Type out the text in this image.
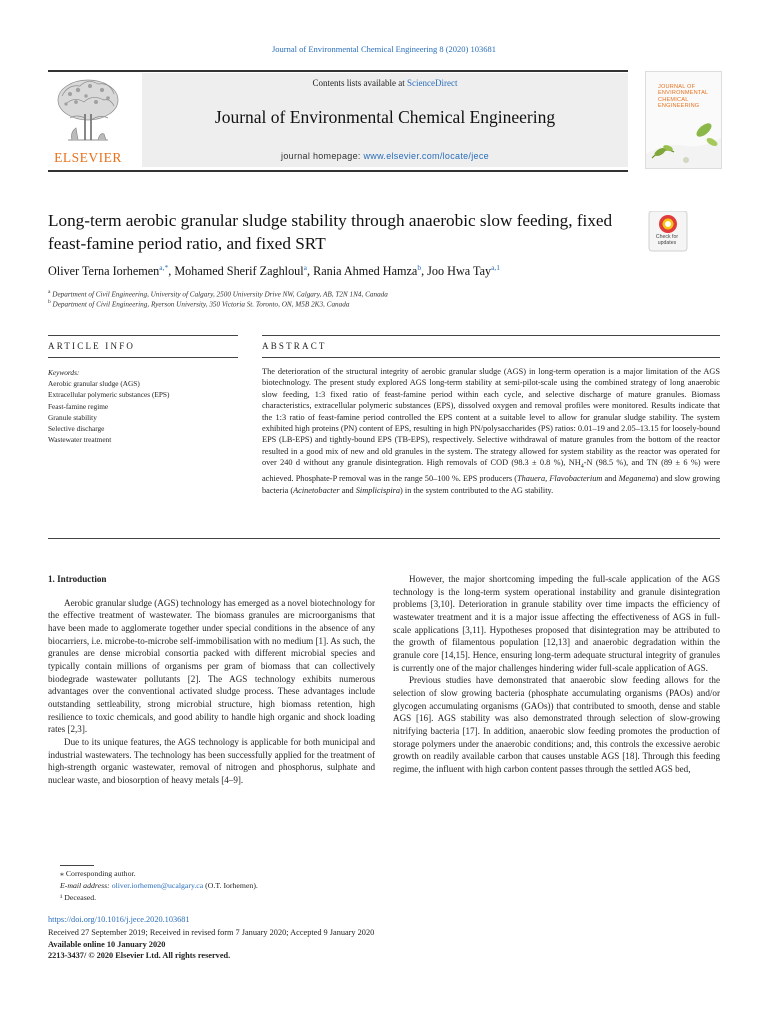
Journal of Environmental Chemical Engineering 8 (2020) 103681
ELSEVIER
Contents lists available at ScienceDirect
Journal of Environmental Chemical Engineering
journal homepage: www.elsevier.com/locate/jece
JOURNAL OF ENVIRONMENTAL CHEMICAL ENGINEERING
Long-term aerobic granular sludge stability through anaerobic slow feeding, fixed feast-famine period ratio, and fixed SRT	Check for updates
Oliver Terna Iorhemen$^{a,*}$, Mohamed Sherif Zaghloul$^a$, Rania Ahmed Hamza$^b$, Joo Hwa Tay$^{a,1}$
$^a$ Department of Civil Engineering, University of Calgary, 2500 University Drive NW, Calgary, AB, T2N 1N4, Canada
$^b$ Department of Civil Engineering, Ryerson University, 350 Victoria St. Toronto, ON, M5B 2K3, Canada
ARTICLE INFO	ABSTRACT
Keywords:
Aerobic granular sludge (AGS)
Extracellular polymeric substances (EPS)
Feast-famine regime
Granule stability
Selective discharge
Wastewater treatment
The deterioration of the structural integrity of aerobic granular sludge (AGS) in long-term operation is a major limitation of the AGS biotechnology. The present study explored AGS long-term stability at semi-pilot-scale using the combined strategy of long anaerobic slow feeding, 1:3 fixed ratio of feast-famine period within each cycle, and selective discharge of mature granules. Biomass characteristics, extracellular polymeric substances (EPS), dissolved oxygen and removal profiles were monitored. Results indicate that the 1:3 ratio of feast-famine period controlled the EPS content at a suitable level to allow for granular sludge stability. The system exhibited high proteins (PN) content of EPS, resulting in high PN/polysaccharides (PS) ratios: 0.01–19 and 2.05–13.15 for loosely-bound EPS (LB-EPS) and tightly-bound EPS (TB-EPS), respectively. Selective withdrawal of mature granules from the bottom of the reactor resulted in a good mix of new and old granules in the system. The strategy allowed for system stability as the reactor was operated for over 240 d without any granule disintegration. High removals of COD (98.3 ± 0.8 %), $NH_4-N$ (98.5 %), and TN (89 ± 6 %) were achieved. Phosphate-P removal was in the range 50–100 %. EPS producers (Thauera, Flavobacterium and Meganema) and slow growing bacteria (Acinetobacter and Simplicispira) in the system contributed to the AG stability.

1. Introduction

Aerobic granular sludge (AGS) technology has emerged as a novel biotechnology for the effective treatment of wastewater. The biomass granules are microorganisms that have been made to agglomerate together under special conditions in the absence of any biocarriers, i.e. microbe-to-microbe self-immobilisation with no medium [1]. As such, the granules are dense microbial consortia packed with different microbial species and typically contain millions of organisms per gram of biomass that can collectively biodegrade wastewater pollutants [2]. The AGS technology exhibits numerous advantages over the conventional activated sludge process. These advantages include outstanding settleability, strong microbial structure, high biomass retention, high resilience to toxic chemicals, and good ability to handle high organic and shock loading rates [2,3].

Due to its unique features, the AGS technology is applicable for both municipal and industrial wastewaters. The technology has been successfully applied for the treatment of high-strength organic wastewater, removal of nitrogen and phosphorus, sulphate and nuclear waste, and biosorption of heavy metals [4–9].

However, the major shortcoming impeding the full-scale application of the AGS technology is the long-term system operational instability and granule disintegration problems [3,10]. Deterioration in granule stability over time impacts the efficiency of wastewater treatment and it is a major issue affecting the effectiveness of AGS in full-scale applications [3,11]. Hypotheses proposed that disintegration may be attributed to the growth of filamentous population [12,13] and anaerobic degradation within the granule core [14,15]. Hence, ensuring long-term adequate structural integrity of granules is currently one of the major challenges hindering wider full-scale application of AGS.

Previous studies have demonstrated that anaerobic slow feeding allows for the selection of slow growing bacteria (phosphate accumulating organisms (PAOs) and/or glycogen accumulating organisms (GAOs)) that contributed to smooth, dense and stable AGS [16]. AGS stability was also demonstrated through selection of slow-growing nitrifying bacteria [17]. In addition, anaerobic slow feeding promotes the production of storage polymers under the anaerobic conditions; and, this controls the excessive aerobic growth on readily available carbon that causes unstable AGS [18]. Through this feeding regime, the influent with high carbon content passes through the settled AGS bed,

⁎ Corresponding author.
E-mail address: oliver.iorhemen@ucalgary.ca (O.T. Iorhemen).
¹ Deceased.
https://doi.org/10.1016/j.jece.2020.103681
Received 27 September 2019; Received in revised form 7 January 2020; Accepted 9 January 2020
Available online 10 January 2020
2213-3437/ © 2020 Elsevier Ltd. All rights reserved.
